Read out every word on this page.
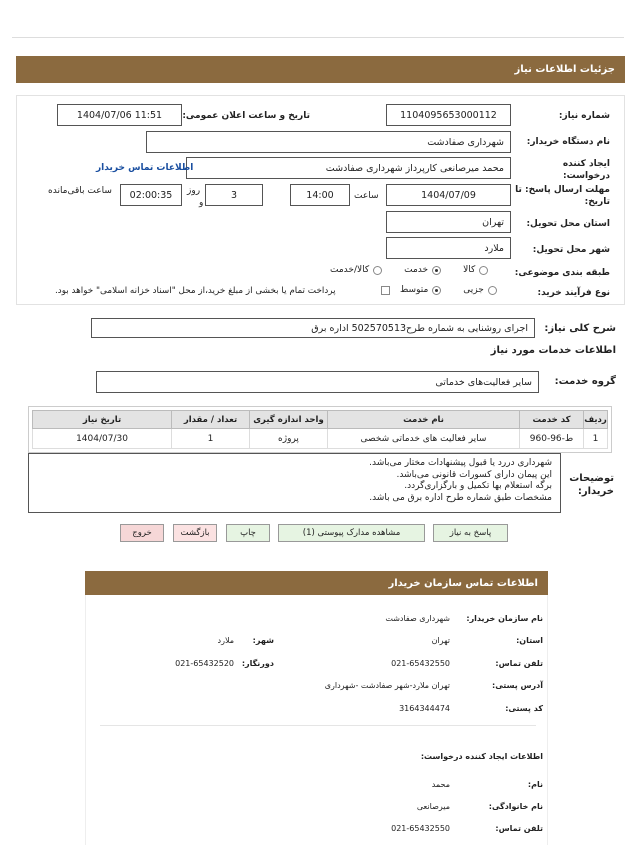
جزئیات اطلاعات نیاز
شماره نیاز:
1104095653000112
تاریخ و ساعت اعلان عمومی:
1404/07/06 11:51
نام دستگاه خریدار:
شهرداری صفادشت
ایجاد کننده درخواست:
محمد میرصانعی کارپرداز شهرداری صفادشت
اطلاعات تماس خریدار
مهلت ارسال پاسخ: تا تاریخ:
1404/07/09
ساعت
14:00
3
روز
و
02:00:35
ساعت باقی‌مانده
استان محل تحویل:
تهران
شهر محل تحویل:
ملارد
طبقه بندی موضوعی:
کالا
خدمت
کالا/خدمت
نوع فرآیند خرید:
جزیی
متوسط
پرداخت تمام یا بخشی از مبلغ خرید،از محل "اسناد خزانه اسلامی" خواهد بود.
شرح کلی نیاز:
اجرای روشنایی به شماره طرح502570513 اداره برق
اطلاعات خدمات مورد نیاز
گروه خدمت:
سایر فعالیت‌های خدماتی
ردیف	کد خدمت	نام خدمت	واحد اندازه گیری	تعداد / مقدار	تاریخ نیاز
1	ط-96-960	سایر فعالیت های خدماتی شخصی	پروژه	1	1404/07/30
توضیحات خریدار:
شهرداری دررد یا قبول پیشنهادات مختار می‌باشد.
این پیمان دارای کسورات قانونی می‌باشد.
برگه استعلام بها تکمیل و بارگزاری‌گردد.
مشخصات طبق شماره طرح اداره برق می باشد.
پاسخ به نیاز
مشاهده مدارک پیوستی (1)
چاپ
بازگشت
خروج
اطلاعات تماس سازمان خریدار
نام سازمان خریدار:
شهرداری صفادشت
استان:
تهران
شهر:
ملارد
تلفن تماس:
021-65432550
دورنگار:
021-65432520
آدرس پستی:
تهران ملارد-شهر صفادشت -شهرداری
کد پستی:
3164344474
اطلاعات ایجاد کننده درخواست:
نام:
محمد
نام خانوادگی:
میرصانعی
تلفن تماس:
021-65432550
